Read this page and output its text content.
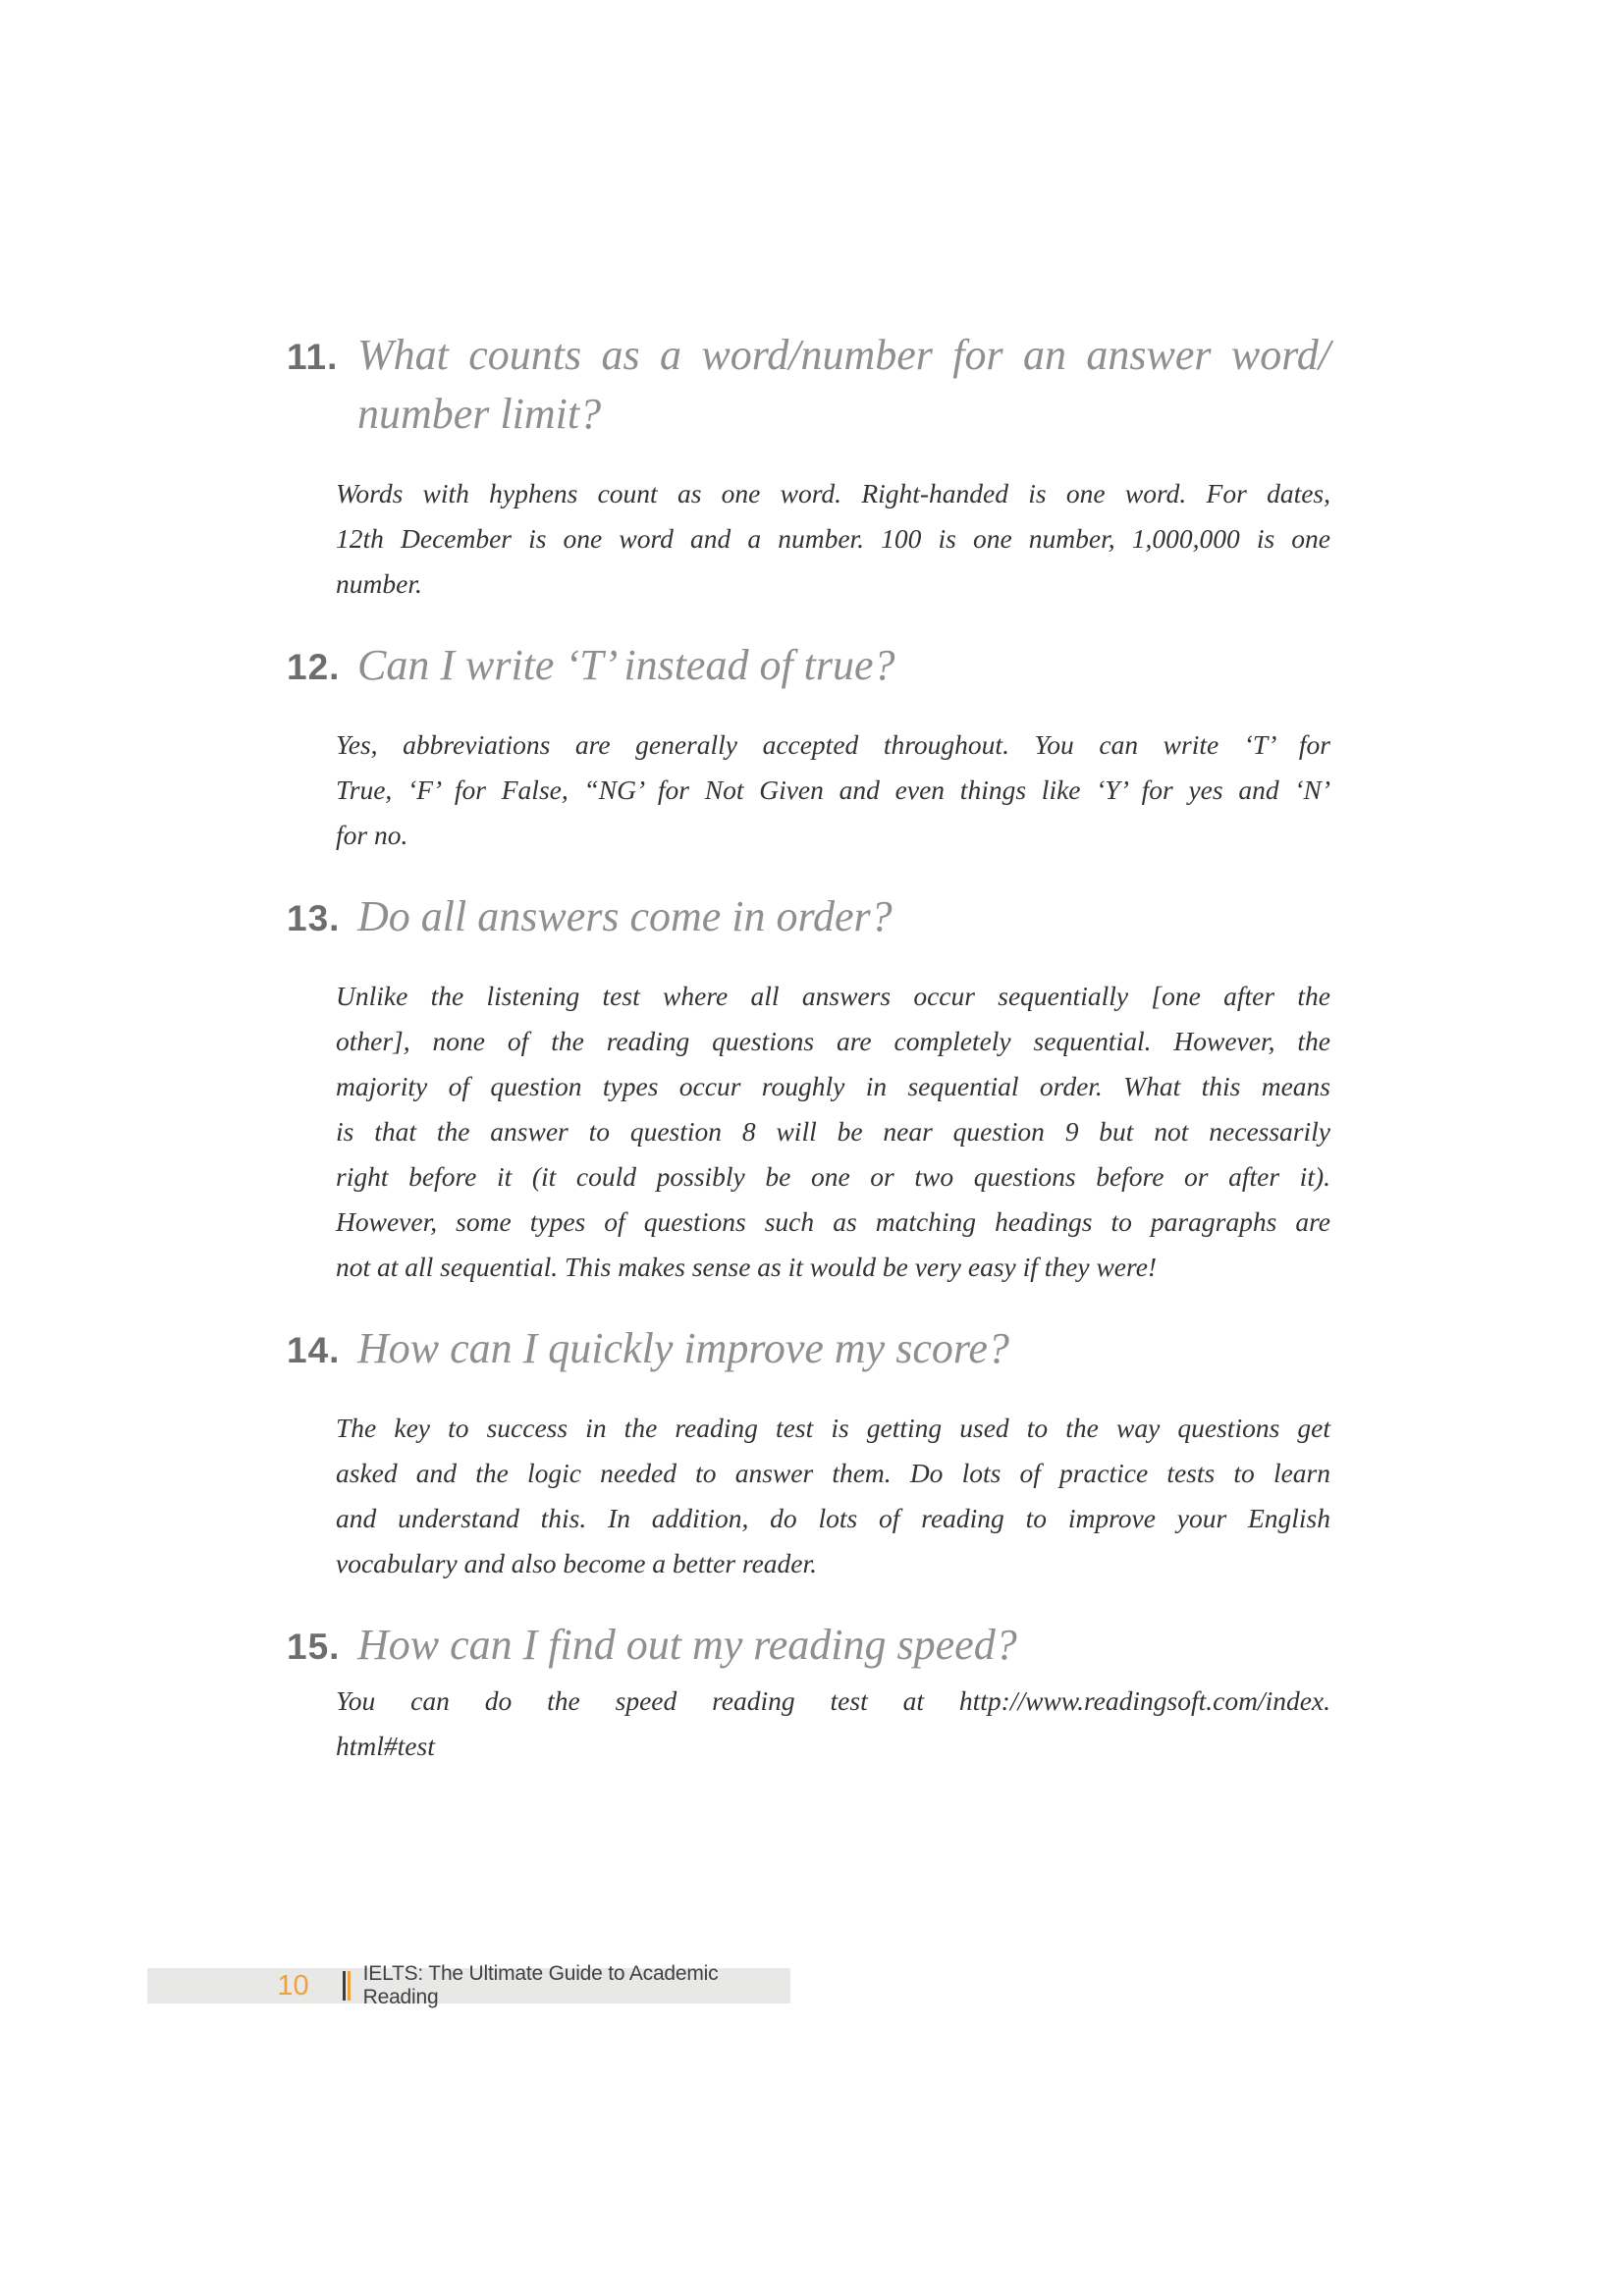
11. What counts as a word/number for an answer word/
number limit?
Words with hyphens count as one word. Right-handed is one word. For dates,
12th December is one word and a number. 100 is one number, 1,000,000 is one
number.
12. Can I write ‘T’ instead of true?
Yes, abbreviations are generally accepted throughout. You can write ‘T’ for
True, ‘F’ for False, “NG’ for Not Given and even things like ‘Y’ for yes and ‘N’
for no.
13. Do all answers come in order?
Unlike the listening test where all answers occur sequentially [one after the
other], none of the reading questions are completely sequential. However, the
majority of question types occur roughly in sequential order. What this means
is that the answer to question 8 will be near question 9 but not necessarily
right before it (it could possibly be one or two questions before or after it).
However, some types of questions such as matching headings to paragraphs are
not at all sequential. This makes sense as it would be very easy if they were!
14. How can I quickly improve my score?
The key to success in the reading test is getting used to the way questions get
asked and the logic needed to answer them. Do lots of practice tests to learn
and understand this. In addition, do lots of reading to improve your English
vocabulary and also become a better reader.
15. How can I find out my reading speed?
You can do the speed reading test at http://www.readingsoft.com/index.
html#test
10	IELTS: The Ultimate Guide to Academic Reading
